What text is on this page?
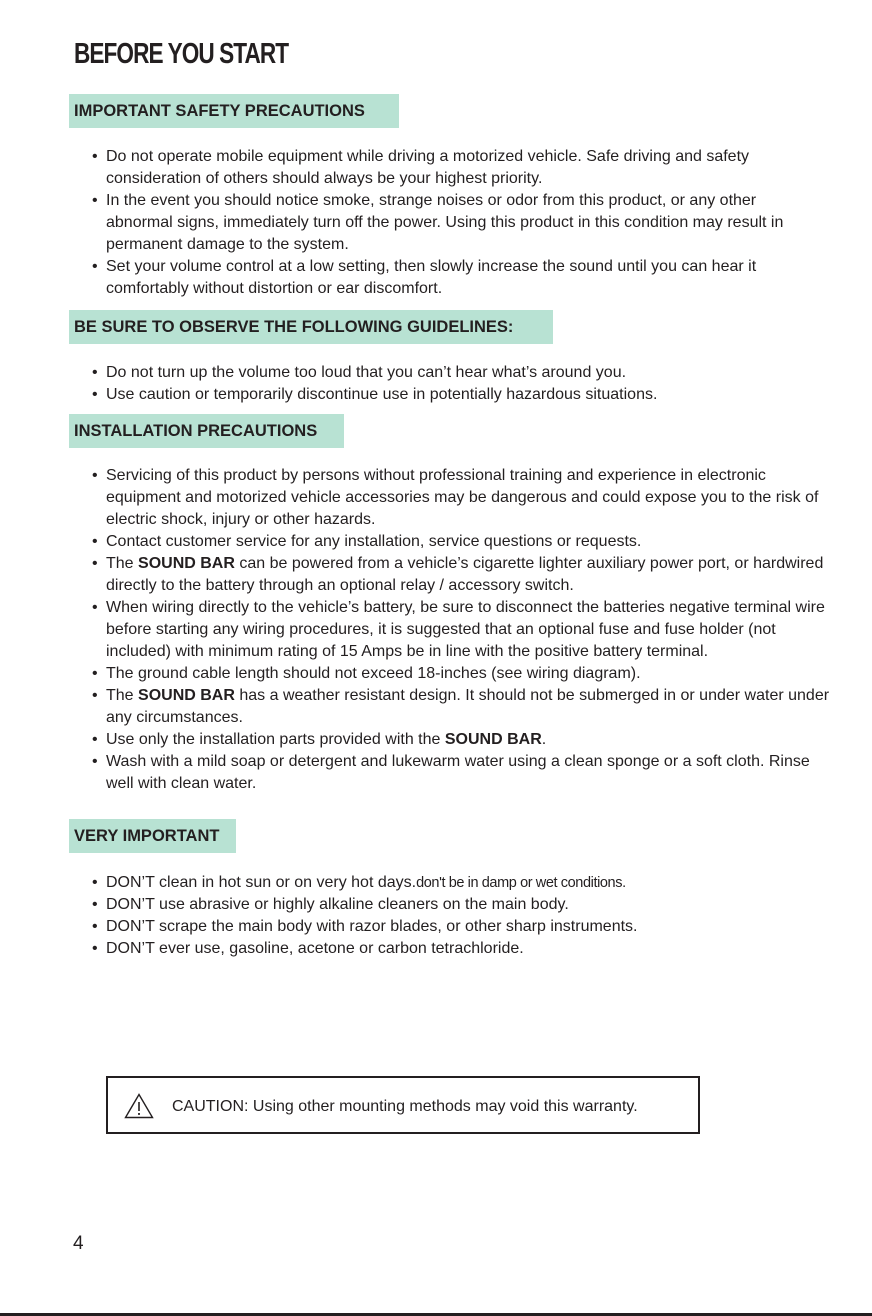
BEFORE YOU START
IMPORTANT SAFETY PRECAUTIONS
• Do not operate mobile equipment while driving a motorized vehicle. Safe driving and safety consideration of others should always be your highest priority.
• In the event you should notice smoke, strange noises or odor from this product, or any other abnormal signs, immediately turn off the power. Using this product in this condition may result in permanent damage to the system.
• Set your volume control at a low setting, then slowly increase the sound until you can hear it comfortably without distortion or ear discomfort.
BE SURE TO OBSERVE THE FOLLOWING GUIDELINES:
• Do not turn up the volume too loud that you can’t hear what’s around you.
• Use caution or temporarily discontinue use in potentially hazardous situations.
INSTALLATION PRECAUTIONS
• Servicing of this product by persons without professional training and experience in electronic equipment and motorized vehicle accessories may be dangerous and could expose you to the risk of electric shock, injury or other hazards.
• Contact customer service for any installation, service questions or requests.
• The SOUND BAR can be powered from a vehicle’s cigarette lighter auxiliary power port, or hardwired directly to the battery through an optional relay / accessory switch.
• When wiring directly to the vehicle’s battery, be sure to disconnect the batteries negative terminal wire before starting any wiring procedures, it is suggested that an optional fuse and fuse holder (not included) with minimum rating of 15 Amps be in line with the positive battery terminal.
• The ground cable length should not exceed 18-inches (see wiring diagram).
• The SOUND BAR has a weather resistant design. It should not be submerged in or under water under any circumstances.
• Use only the installation parts provided with the SOUND BAR.
• Wash with a mild soap or detergent and lukewarm water using a clean sponge or a soft cloth. Rinse well with clean water.
VERY IMPORTANT
• DON’T clean in hot sun or on very hot days.don't be in damp or wet conditions.
• DON’T use abrasive or highly alkaline cleaners on the main body.
• DON’T scrape the main body with razor blades, or other sharp instruments.
• DON’T ever use, gasoline, acetone or carbon tetrachloride.
CAUTION: Using other mounting methods may void this warranty.
4
